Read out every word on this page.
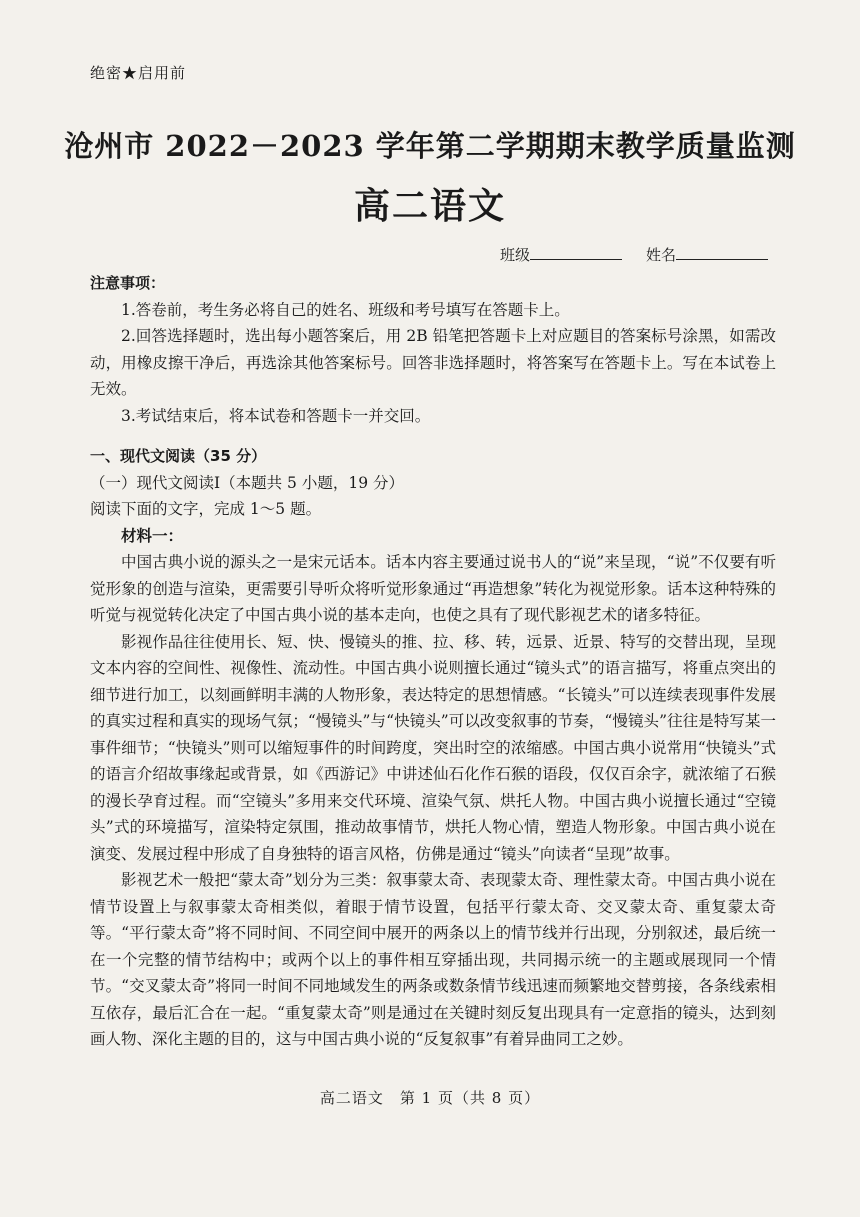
绝密★启用前
沧州市 2022－2023 学年第二学期期末教学质量监测
高二语文
班级	姓名
注意事项：

1.答卷前，考生务必将自己的姓名、班级和考号填写在答题卡上。

2.回答选择题时，选出每小题答案后，用 2B 铅笔把答题卡上对应题目的答案标号涂黑，如需改动，用橡皮擦干净后，再选涂其他答案标号。回答非选择题时，将答案写在答题卡上。写在本试卷上无效。

3.考试结束后，将本试卷和答题卡一并交回。

一、现代文阅读（35 分）

（一）现代文阅读Ⅰ（本题共 5 小题，19 分）

阅读下面的文字，完成 1～5 题。

材料一：

中国古典小说的源头之一是宋元话本。话本内容主要通过说书人的“说”来呈现，“说”不仅要有听觉形象的创造与渲染，更需要引导听众将听觉形象通过“再造想象”转化为视觉形象。话本这种特殊的听觉与视觉转化决定了中国古典小说的基本走向，也使之具有了现代影视艺术的诸多特征。

影视作品往往使用长、短、快、慢镜头的推、拉、移、转，远景、近景、特写的交替出现，呈现文本内容的空间性、视像性、流动性。中国古典小说则擅长通过“镜头式”的语言描写，将重点突出的细节进行加工，以刻画鲜明丰满的人物形象，表达特定的思想情感。“长镜头”可以连续表现事件发展的真实过程和真实的现场气氛；“慢镜头”与“快镜头”可以改变叙事的节奏，“慢镜头”往往是特写某一事件细节；“快镜头”则可以缩短事件的时间跨度，突出时空的浓缩感。中国古典小说常用“快镜头”式的语言介绍故事缘起或背景，如《西游记》中讲述仙石化作石猴的语段，仅仅百余字，就浓缩了石猴的漫长孕育过程。而“空镜头”多用来交代环境、渲染气氛、烘托人物。中国古典小说擅长通过“空镜头”式的环境描写，渲染特定氛围，推动故事情节，烘托人物心情，塑造人物形象。中国古典小说在演变、发展过程中形成了自身独特的语言风格，仿佛是通过“镜头”向读者“呈现”故事。

影视艺术一般把“蒙太奇”划分为三类：叙事蒙太奇、表现蒙太奇、理性蒙太奇。中国古典小说在情节设置上与叙事蒙太奇相类似，着眼于情节设置，包括平行蒙太奇、交叉蒙太奇、重复蒙太奇等。“平行蒙太奇”将不同时间、不同空间中展开的两条以上的情节线并行出现，分别叙述，最后统一在一个完整的情节结构中；或两个以上的事件相互穿插出现，共同揭示统一的主题或展现同一个情节。“交叉蒙太奇”将同一时间不同地域发生的两条或数条情节线迅速而频繁地交替剪接，各条线索相互依存，最后汇合在一起。“重复蒙太奇”则是通过在关键时刻反复出现具有一定意指的镜头，达到刻画人物、深化主题的目的，这与中国古典小说的“反复叙事”有着异曲同工之妙。

高二语文　第 1 页（共 8 页）
